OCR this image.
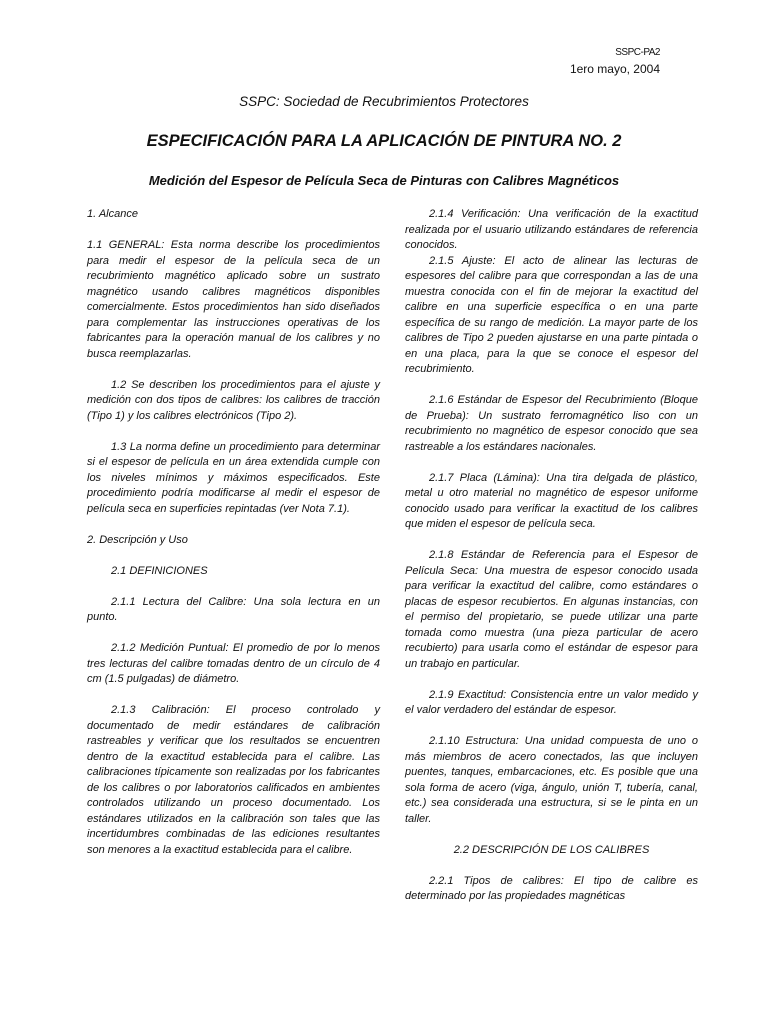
SSPC-PA2
1ero mayo, 2004
SSPC: Sociedad de Recubrimientos Protectores
ESPECIFICACIÓN PARA LA APLICACIÓN DE PINTURA NO. 2
Medición del Espesor de Película Seca de Pinturas con Calibres Magnéticos

1. Alcance

1.1 GENERAL: Esta norma describe los procedimientos para medir el espesor de la película seca de un recubrimiento magnético aplicado sobre un sustrato magnético usando calibres magnéticos disponibles comercialmente. Estos procedimientos han sido diseñados para complementar las instrucciones operativas de los fabricantes para la operación manual de los calibres y no busca reemplazarlas.

1.2 Se describen los procedimientos para el ajuste y medición con dos tipos de calibres: los calibres de tracción (Tipo 1) y los calibres electrónicos (Tipo 2).

1.3 La norma define un procedimiento para determinar si el espesor de película en un área extendida cumple con los niveles mínimos y máximos especificados. Este procedimiento podría modificarse al medir el espesor de película seca en superficies repintadas (ver Nota 7.1).

2. Descripción y Uso

2.1 DEFINICIONES

2.1.1 Lectura del Calibre: Una sola lectura en un punto.

2.1.2 Medición Puntual: El promedio de por lo menos tres lecturas del calibre tomadas dentro de un círculo de 4 cm (1.5 pulgadas) de diámetro.

2.1.3 Calibración: El proceso controlado y documentado de medir estándares de calibración rastreables y verificar que los resultados se encuentren dentro de la exactitud establecida para el calibre. Las calibraciones típicamente son realizadas por los fabricantes de los calibres o por laboratorios calificados en ambientes controlados utilizando un proceso documentado. Los estándares utilizados en la calibración son tales que las incertidumbres combinadas de las ediciones resultantes son menores a la exactitud establecida para el calibre.

2.1.4 Verificación: Una verificación de la exactitud realizada por el usuario utilizando estándares de referencia conocidos.

2.1.5 Ajuste: El acto de alinear las lecturas de espesores del calibre para que correspondan a las de una muestra conocida con el fin de mejorar la exactitud del calibre en una superficie específica o en una parte específica de su rango de medición. La mayor parte de los calibres de Tipo 2 pueden ajustarse en una parte pintada o en una placa, para la que se conoce el espesor del recubrimiento.

2.1.6 Estándar de Espesor del Recubrimiento (Bloque de Prueba): Un sustrato ferromagnético liso con un recubrimiento no magnético de espesor conocido que sea rastreable a los estándares nacionales.

2.1.7 Placa (Lámina): Una tira delgada de plástico, metal u otro material no magnético de espesor uniforme conocido usado para verificar la exactitud de los calibres que miden el espesor de película seca.

2.1.8 Estándar de Referencia para el Espesor de Película Seca: Una muestra de espesor conocido usada para verificar la exactitud del calibre, como estándares o placas de espesor recubiertos. En algunas instancias, con el permiso del propietario, se puede utilizar una parte tomada como muestra (una pieza particular de acero recubierto) para usarla como el estándar de espesor para un trabajo en particular.

2.1.9 Exactitud: Consistencia entre un valor medido y el valor verdadero del estándar de espesor.

2.1.10 Estructura: Una unidad compuesta de uno o más miembros de acero conectados, las que incluyen puentes, tanques, embarcaciones, etc. Es posible que una sola forma de acero (viga, ángulo, unión T, tubería, canal, etc.) sea considerada una estructura, si se le pinta en un taller.

2.2 DESCRIPCIÓN DE LOS CALIBRES

2.2.1 Tipos de calibres: El tipo de calibre es determinado por las propiedades magnéticas
